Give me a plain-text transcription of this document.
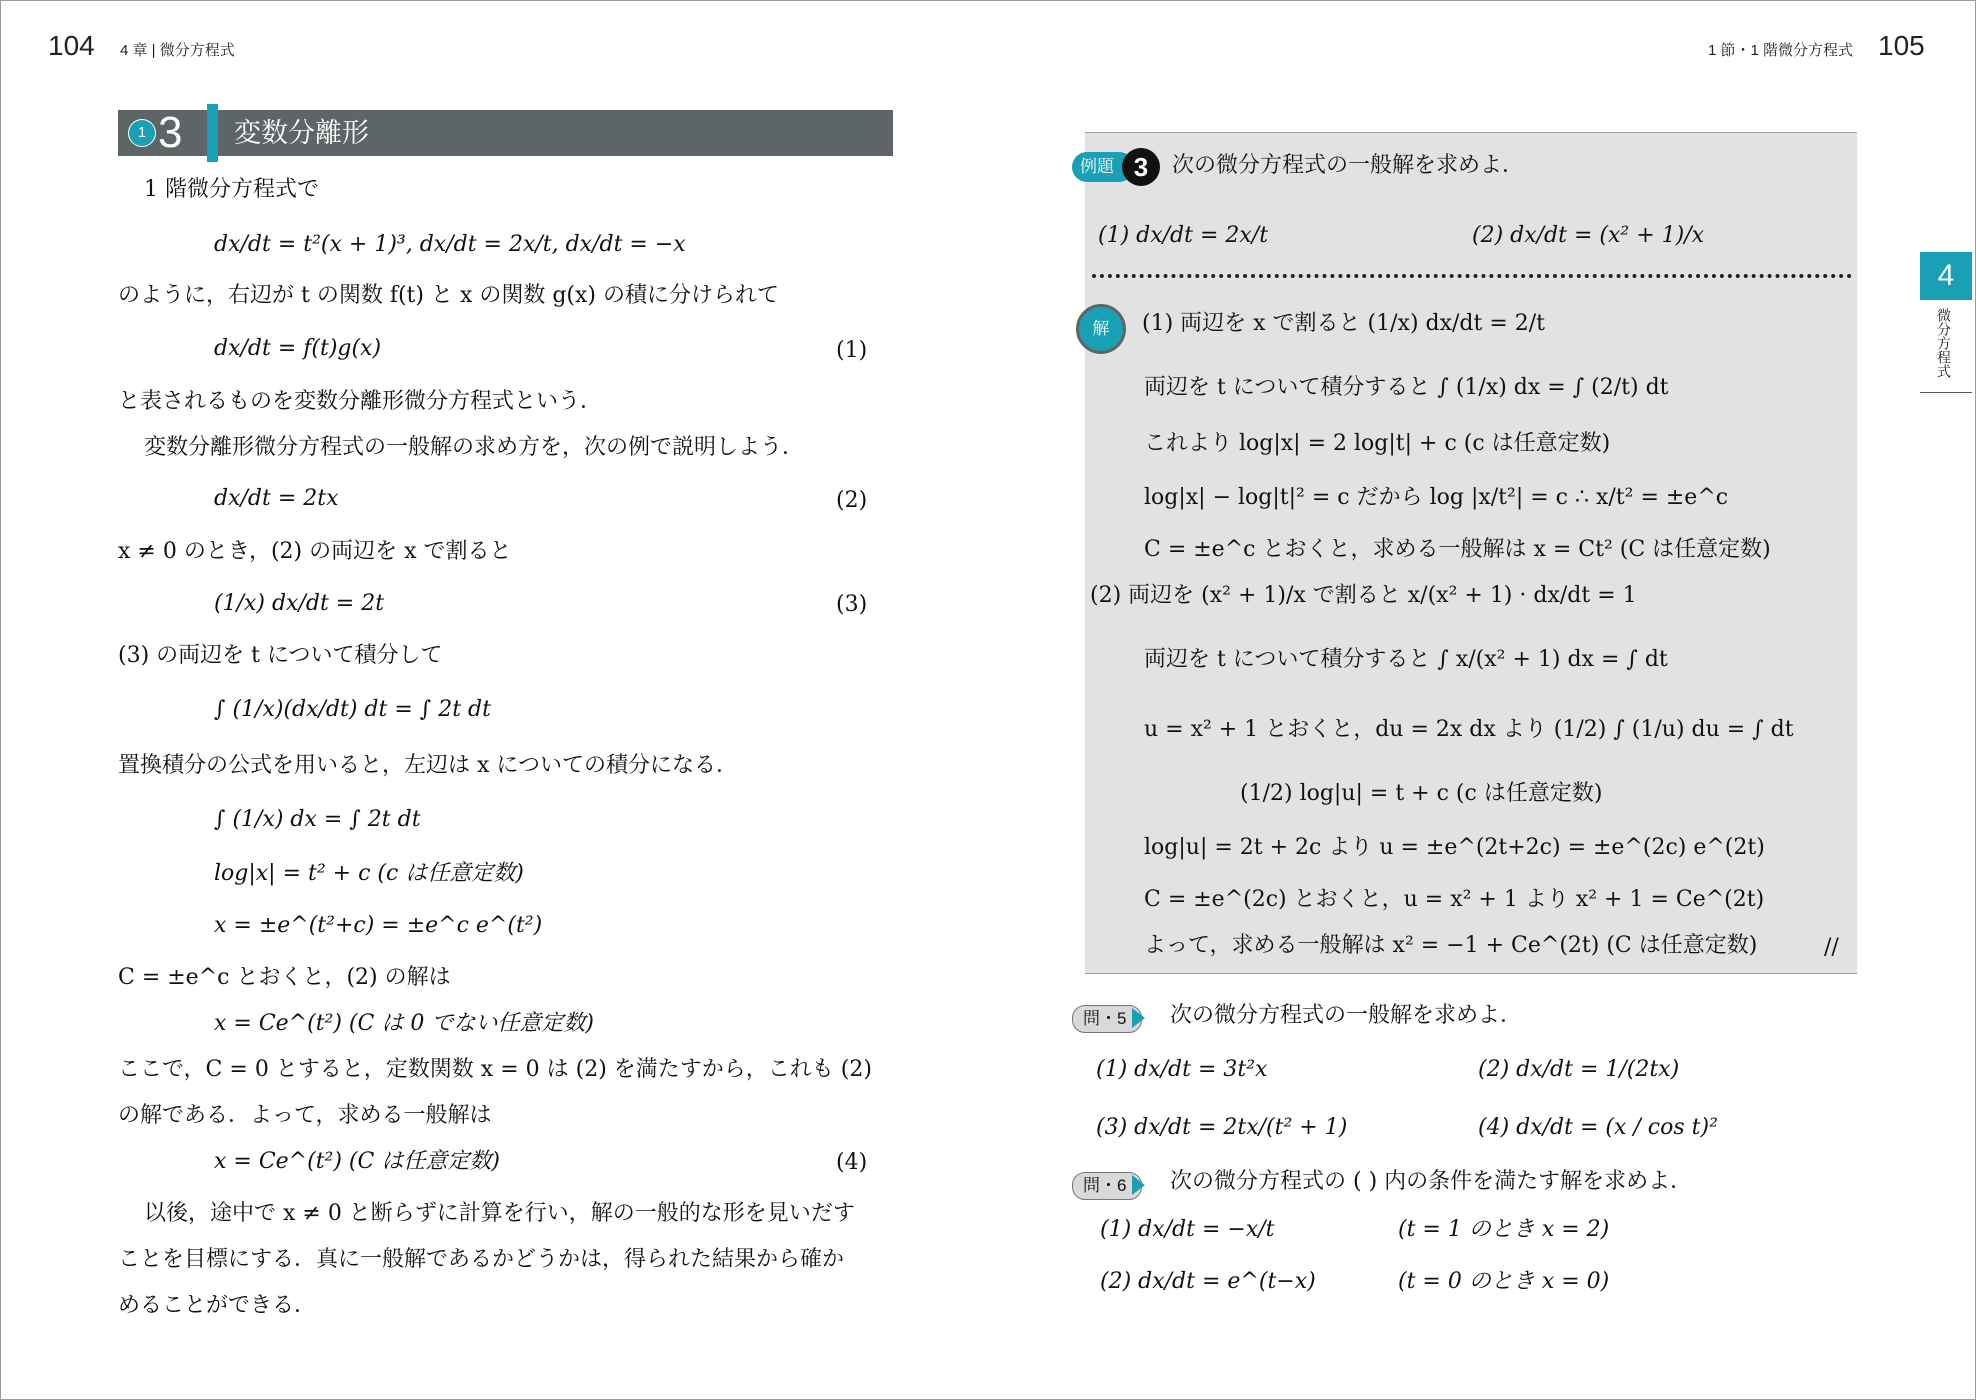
104 4 章 | 微分方程式	1 節・1 階微分方程式 105
1 3 変数分離形
1 階微分方程式で
dx/dt = t²(x + 1)³, dx/dt = 2x/t, dx/dt = −x
のように，右辺が t の関数 f(t) と x の関数 g(x) の積に分けられて
dx/dt = f(t)g(x)	(1)
と表されるものを変数分離形微分方程式という．
変数分離形微分方程式の一般解の求め方を，次の例で説明しよう．
dx/dt = 2tx	(2)
x ≠ 0 のとき，(2) の両辺を x で割ると
(1/x) dx/dt = 2t	(3)
(3) の両辺を t について積分して
∫ (1/x)(dx/dt) dt = ∫ 2t dt
置換積分の公式を用いると，左辺は x についての積分になる．
∫ (1/x) dx = ∫ 2t dt
log|x| = t² + c (c は任意定数)
x = ±e^(t²+c) = ±e^c e^(t²)
C = ±e^c とおくと，(2) の解は
x = Ce^(t²) (C は 0 でない任意定数)
ここで，C = 0 とすると，定数関数 x = 0 は (2) を満たすから，これも (2)
の解である．よって，求める一般解は
x = Ce^(t²) (C は任意定数)	(4)
以後，途中で x ≠ 0 と断らずに計算を行い，解の一般的な形を見いだす
ことを目標にする．真に一般解であるかどうかは，得られた結果から確か
めることができる．
例題 3	次の微分方程式の一般解を求めよ．
(1) dx/dt = 2x/t	(2) dx/dt = (x² + 1)/x
解	(1) 両辺を x で割ると (1/x) dx/dt = 2/t
両辺を t について積分すると ∫ (1/x) dx = ∫ (2/t) dt
これより log|x| = 2 log|t| + c (c は任意定数)
log|x| − log|t|² = c だから log |x/t²| = c ∴ x/t² = ±e^c
C = ±e^c とおくと，求める一般解は x = Ct² (C は任意定数)
(2) 両辺を (x² + 1)/x で割ると x/(x² + 1) · dx/dt = 1
両辺を t について積分すると ∫ x/(x² + 1) dx = ∫ dt
u = x² + 1 とおくと，du = 2x dx より (1/2) ∫ (1/u) du = ∫ dt
(1/2) log|u| = t + c (c は任意定数)
log|u| = 2t + 2c より u = ±e^(2t+2c) = ±e^(2c) e^(2t)
C = ±e^(2c) とおくと，u = x² + 1 より x² + 1 = Ce^(2t)
よって，求める一般解は x² = −1 + Ce^(2t) (C は任意定数)	//
問・5	次の微分方程式の一般解を求めよ．
(1) dx/dt = 3t²x	(2) dx/dt = 1/(2tx)
(3) dx/dt = 2tx/(t² + 1)	(4) dx/dt = (x / cos t)²
問・6	次の微分方程式の ( ) 内の条件を満たす解を求めよ．
(1) dx/dt = −x/t	(t = 1 のとき x = 2)
(2) dx/dt = e^(t−x)	(t = 0 のとき x = 0)
4
微分方程式
